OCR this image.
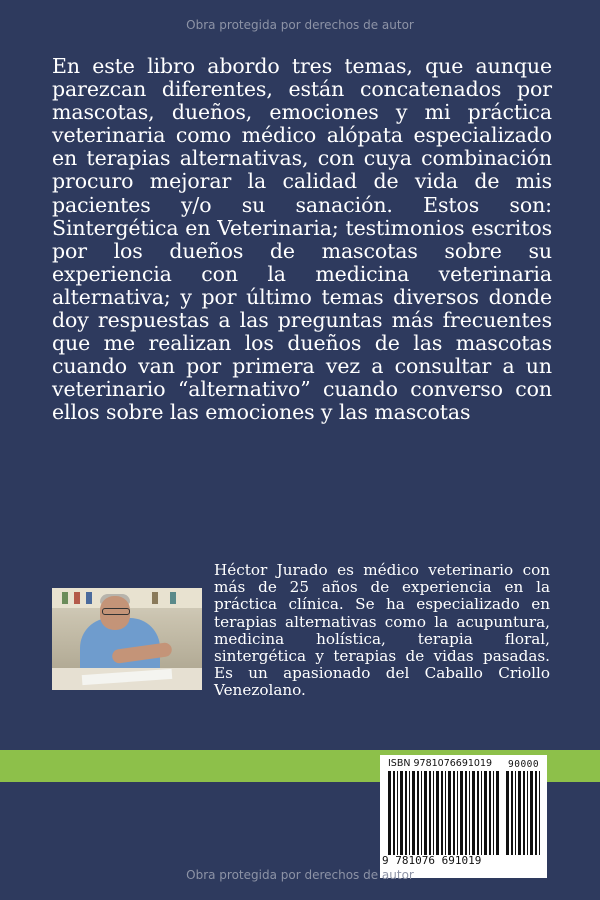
Obra protegida por derechos de autor

En este libro abordo tres temas, que aunque parezcan diferentes, están concatenados por mascotas, dueños, emociones y mi práctica veterinaria como médico alópata especializado en terapias alternativas, con cuya combinación procuro mejorar la calidad de vida de mis pacientes y/o su sanación. Estos son: Sintergética en Veterinaria; testimonios escritos por los dueños de mascotas sobre su experiencia con la medicina veterinaria alternativa; y por último temas diversos donde doy respuestas a las preguntas más frecuentes que me realizan los dueños de las mascotas cuando van por primera vez a consultar a un veterinario “alternativo” cuando converso con ellos sobre las emociones y las mascotas

Héctor Jurado es médico veterinario con más de 25 años de experiencia en la práctica clínica. Se ha especializado en terapias alternativas como la acupuntura, medicina holística, terapia floral, sintergética y terapias de vidas pasadas. Es un apasionado del Caballo Criollo Venezolano.

ISBN 9781076691019 90000
9 781076 691019
Obra protegida por derechos de autor
